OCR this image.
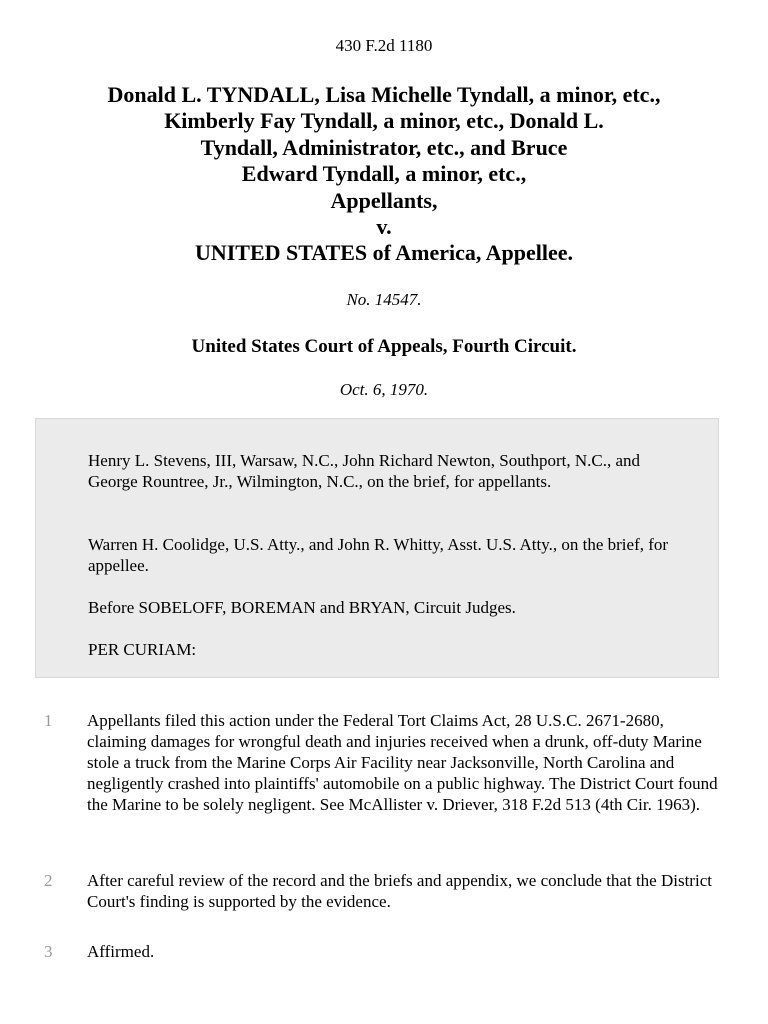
430 F.2d 1180
Donald L. TYNDALL, Lisa Michelle Tyndall, a minor, etc.,
Kimberly Fay Tyndall, a minor, etc., Donald L.
Tyndall, Administrator, etc., and Bruce
Edward Tyndall, a minor, etc.,
Appellants,
v.
UNITED STATES of America, Appellee.
No. 14547.
United States Court of Appeals, Fourth Circuit.
Oct. 6, 1970.

Henry L. Stevens, III, Warsaw, N.C., John Richard Newton, Southport, N.C., and George Rountree, Jr., Wilmington, N.C., on the brief, for appellants.

Warren H. Coolidge, U.S. Atty., and John R. Whitty, Asst. U.S. Atty., on the brief, for appellee.

Before SOBELOFF, BOREMAN and BRYAN, Circuit Judges.

PER CURIAM:

1	Appellants filed this action under the Federal Tort Claims Act, 28 U.S.C. 2671-2680, claiming damages for wrongful death and injuries received when a drunk, off-duty Marine stole a truck from the Marine Corps Air Facility near Jacksonville, North Carolina and negligently crashed into plaintiffs' automobile on a public highway. The District Court found the Marine to be solely negligent. See McAllister v. Driever, 318 F.2d 513 (4th Cir. 1963).
2	After careful review of the record and the briefs and appendix, we conclude that the District Court's finding is supported by the evidence.
3	Affirmed.
